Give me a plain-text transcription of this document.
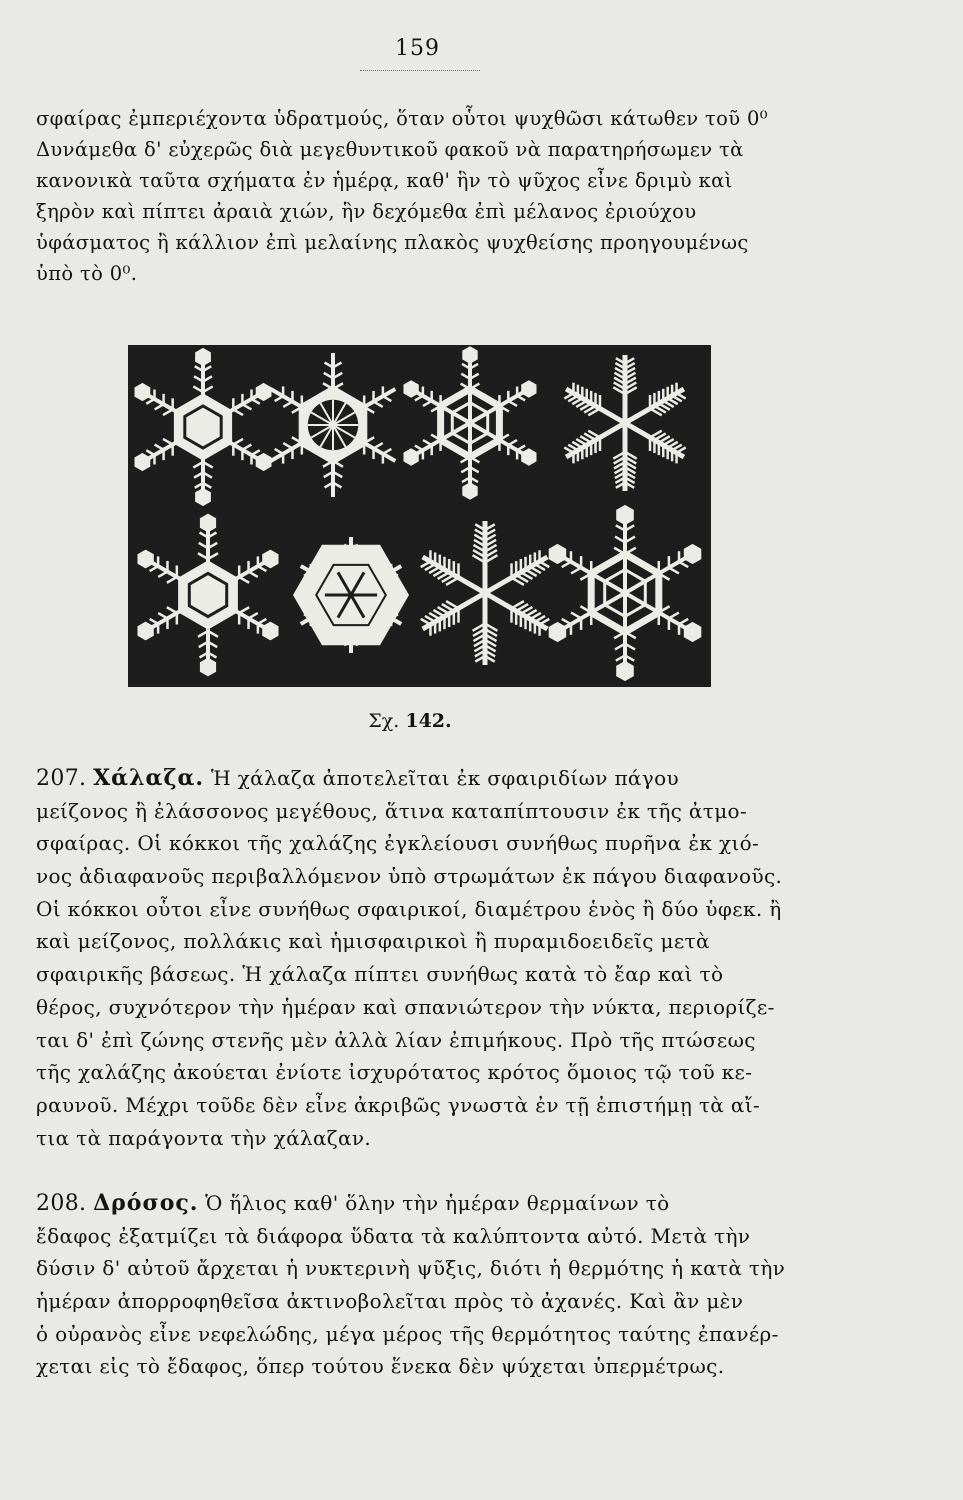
159
σφαίρας ἐμπεριέχοντα ὑδρατμούς, ὅταν οὗτοι ψυχθῶσι κάτωθεν τοῦ 0⁰
Δυνάμεθα δ' εὐχερῶς διὰ μεγεθυντικοῦ φακοῦ νὰ παρατηρήσωμεν τὰ
κανονικὰ ταῦτα σχήματα ἐν ἡμέρᾳ, καθ' ἣν τὸ ψῦχος εἶνε δριμὺ καὶ
ξηρὸν καὶ πίπτει ἀραιὰ χιών, ἣν δεχόμεθα ἐπὶ μέλανος ἐριούχου
ὑφάσματος ἢ κάλλιον ἐπὶ μελαίνης πλακὸς ψυχθείσης προηγουμένως
ὑπὸ τὸ 0⁰.
Σχ. 142.
207. Χάλαζα. Ἡ χάλαζα ἀποτελεῖται ἐκ σφαιριδίων πάγου
μείζονος ἢ ἐλάσσονος μεγέθους, ἅτινα καταπίπτουσιν ἐκ τῆς ἀτμο-
σφαίρας. Οἱ κόκκοι τῆς χαλάζης ἐγκλείουσι συνήθως πυρῆνα ἐκ χιό-
νος ἀδιαφανοῦς περιβαλλόμενον ὑπὸ στρωμάτων ἐκ πάγου διαφανοῦς.
Οἱ κόκκοι οὗτοι εἶνε συνήθως σφαιρικοί, διαμέτρου ἑνὸς ἢ δύο ὑφεκ. ἢ
καὶ μείζονος, πολλάκις καὶ ἡμισφαιρικοὶ ἢ πυραμιδοειδεῖς μετὰ
σφαιρικῆς βάσεως. Ἡ χάλαζα πίπτει συνήθως κατὰ τὸ ἔαρ καὶ τὸ
θέρος, συχνότερον τὴν ἡμέραν καὶ σπανιώτερον τὴν νύκτα, περιορίζε-
ται δ' ἐπὶ ζώνης στενῆς μὲν ἀλλὰ λίαν ἐπιμήκους. Πρὸ τῆς πτώσεως
τῆς χαλάζης ἀκούεται ἐνίοτε ἰσχυρότατος κρότος ὅμοιος τῷ τοῦ κε-
ραυνοῦ. Μέχρι τοῦδε δὲν εἶνε ἀκριβῶς γνωστὰ ἐν τῇ ἐπιστήμῃ τὰ αἴ-
τια τὰ παράγοντα τὴν χάλαζαν.
208. Δρόσος. Ὁ ἥλιος καθ' ὅλην τὴν ἡμέραν θερμαίνων τὸ
ἔδαφος ἐξατμίζει τὰ διάφορα ὕδατα τὰ καλύπτοντα αὐτό. Μετὰ τὴν
δύσιν δ' αὐτοῦ ἄρχεται ἡ νυκτερινὴ ψῦξις, διότι ἡ θερμότης ἡ κατὰ τὴν
ἡμέραν ἀπορροφηθεῖσα ἀκτινοβολεῖται πρὸς τὸ ἀχανές. Καὶ ἂν μὲν
ὁ οὐρανὸς εἶνε νεφελώδης, μέγα μέρος τῆς θερμότητος ταύτης ἐπανέρ-
χεται εἰς τὸ ἔδαφος, ὅπερ τούτου ἕνεκα δὲν ψύχεται ὑπερμέτρως.
